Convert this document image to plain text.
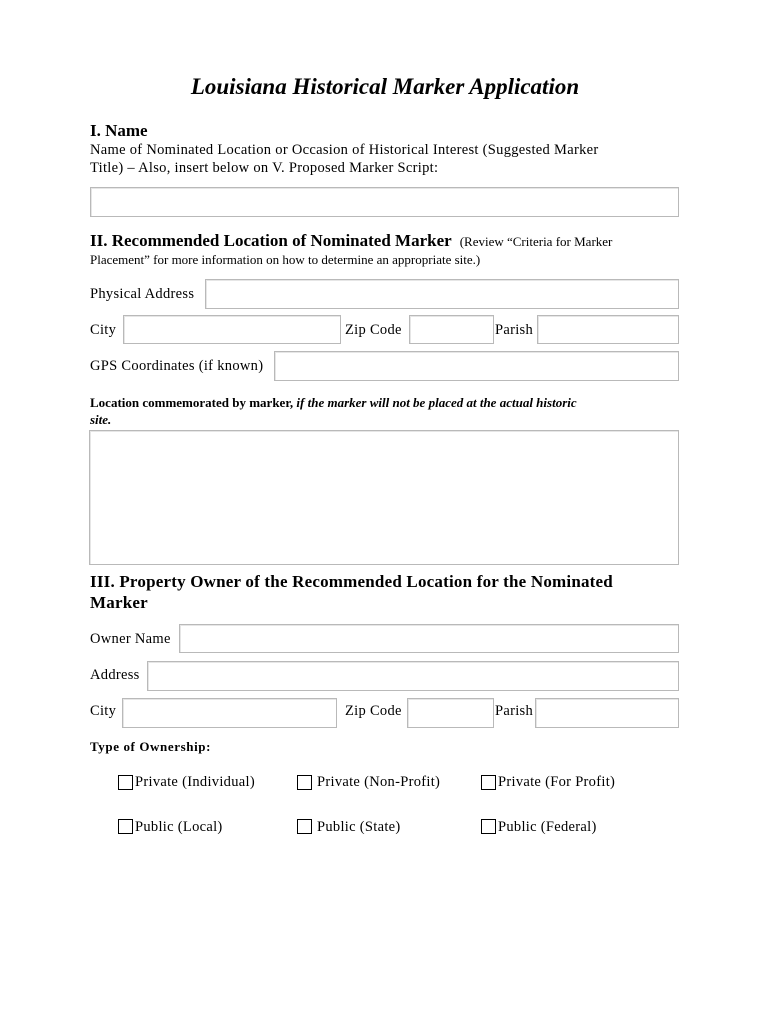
Louisiana Historical Marker Application
I. Name
Name of Nominated Location or Occasion of Historical Interest (Suggested Marker
Title) – Also, insert below on V. Proposed Marker Script:
II. Recommended Location of Nominated Marker (Review “Criteria for Marker
Placement” for more information on how to determine an appropriate site.)
Physical Address
City	Zip Code	Parish
GPS Coordinates (if known)
Location commemorated by marker, if the marker will not be placed at the actual historic
site.
III. Property Owner of the Recommended Location for the Nominated
Marker
Owner Name
Address
City	Zip Code	Parish
Type of Ownership:
Private (Individual)	Private (Non-Profit)	Private (For Profit)
Public (Local)	Public (State)	Public (Federal)
